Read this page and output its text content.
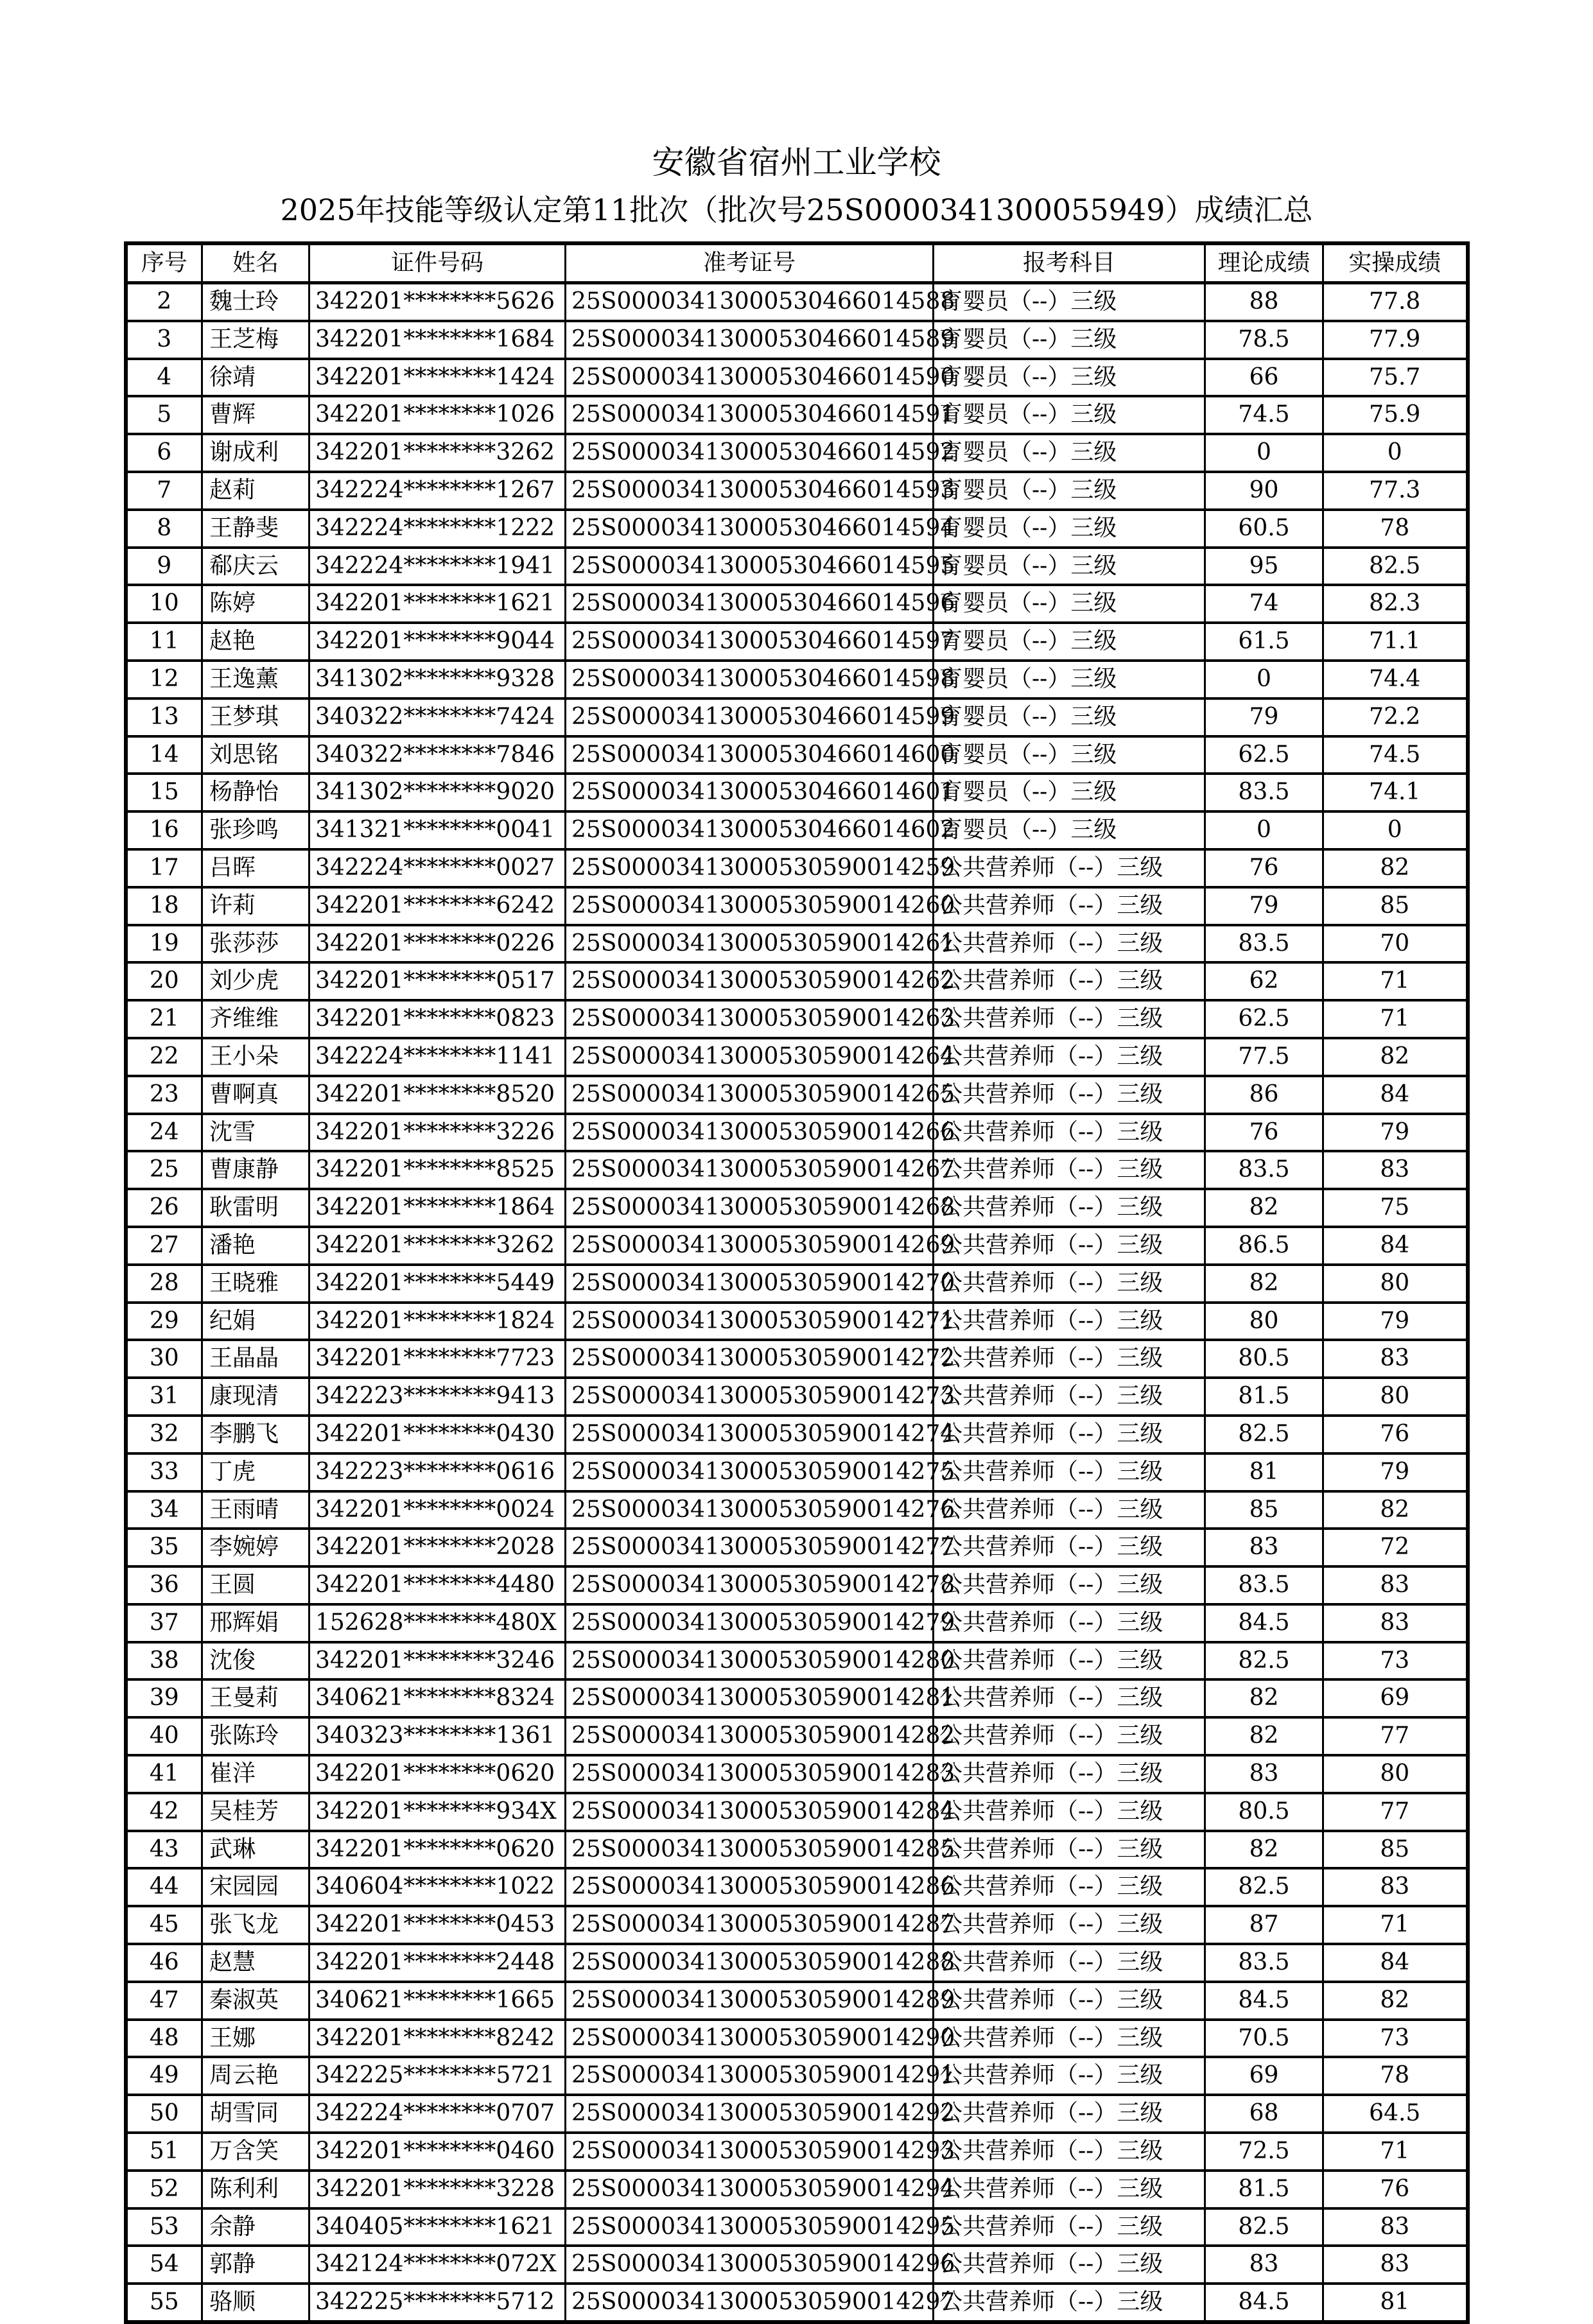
安徽省宿州工业学校
2025年技能等级认定第11批次（批次号25S0000341300055949）成绩汇总
序号	姓名	证件号码	准考证号	报考科目	理论成绩	实操成绩
2	魏士玲	342201********5626	25S00003413000530466014588	育婴员（--）三级	88	77.8
3	王芝梅	342201********1684	25S00003413000530466014589	育婴员（--）三级	78.5	77.9
4	徐靖	342201********1424	25S00003413000530466014590	育婴员（--）三级	66	75.7
5	曹辉	342201********1026	25S00003413000530466014591	育婴员（--）三级	74.5	75.9
6	谢成利	342201********3262	25S00003413000530466014592	育婴员（--）三级	0	0
7	赵莉	342224********1267	25S00003413000530466014593	育婴员（--）三级	90	77.3
8	王静斐	342224********1222	25S00003413000530466014594	育婴员（--）三级	60.5	78
9	郗庆云	342224********1941	25S00003413000530466014595	育婴员（--）三级	95	82.5
10	陈婷	342201********1621	25S00003413000530466014596	育婴员（--）三级	74	82.3
11	赵艳	342201********9044	25S00003413000530466014597	育婴员（--）三级	61.5	71.1
12	王逸薰	341302********9328	25S00003413000530466014598	育婴员（--）三级	0	74.4
13	王梦琪	340322********7424	25S00003413000530466014599	育婴员（--）三级	79	72.2
14	刘思铭	340322********7846	25S00003413000530466014600	育婴员（--）三级	62.5	74.5
15	杨静怡	341302********9020	25S00003413000530466014601	育婴员（--）三级	83.5	74.1
16	张珍鸣	341321********0041	25S00003413000530466014602	育婴员（--）三级	0	0
17	吕晖	342224********0027	25S00003413000530590014259	公共营养师（--）三级	76	82
18	许莉	342201********6242	25S00003413000530590014260	公共营养师（--）三级	79	85
19	张莎莎	342201********0226	25S00003413000530590014261	公共营养师（--）三级	83.5	70
20	刘少虎	342201********0517	25S00003413000530590014262	公共营养师（--）三级	62	71
21	齐维维	342201********0823	25S00003413000530590014263	公共营养师（--）三级	62.5	71
22	王小朵	342224********1141	25S00003413000530590014264	公共营养师（--）三级	77.5	82
23	曹啊真	342201********8520	25S00003413000530590014265	公共营养师（--）三级	86	84
24	沈雪	342201********3226	25S00003413000530590014266	公共营养师（--）三级	76	79
25	曹康静	342201********8525	25S00003413000530590014267	公共营养师（--）三级	83.5	83
26	耿雷明	342201********1864	25S00003413000530590014268	公共营养师（--）三级	82	75
27	潘艳	342201********3262	25S00003413000530590014269	公共营养师（--）三级	86.5	84
28	王晓雅	342201********5449	25S00003413000530590014270	公共营养师（--）三级	82	80
29	纪娟	342201********1824	25S00003413000530590014271	公共营养师（--）三级	80	79
30	王晶晶	342201********7723	25S00003413000530590014272	公共营养师（--）三级	80.5	83
31	康现清	342223********9413	25S00003413000530590014273	公共营养师（--）三级	81.5	80
32	李鹏飞	342201********0430	25S00003413000530590014274	公共营养师（--）三级	82.5	76
33	丁虎	342223********0616	25S00003413000530590014275	公共营养师（--）三级	81	79
34	王雨晴	342201********0024	25S00003413000530590014276	公共营养师（--）三级	85	82
35	李婉婷	342201********2028	25S00003413000530590014277	公共营养师（--）三级	83	72
36	王圆	342201********4480	25S00003413000530590014278	公共营养师（--）三级	83.5	83
37	邢辉娟	152628********480X	25S00003413000530590014279	公共营养师（--）三级	84.5	83
38	沈俊	342201********3246	25S00003413000530590014280	公共营养师（--）三级	82.5	73
39	王曼莉	340621********8324	25S00003413000530590014281	公共营养师（--）三级	82	69
40	张陈玲	340323********1361	25S00003413000530590014282	公共营养师（--）三级	82	77
41	崔洋	342201********0620	25S00003413000530590014283	公共营养师（--）三级	83	80
42	吴桂芳	342201********934X	25S00003413000530590014284	公共营养师（--）三级	80.5	77
43	武琳	342201********0620	25S00003413000530590014285	公共营养师（--）三级	82	85
44	宋园园	340604********1022	25S00003413000530590014286	公共营养师（--）三级	82.5	83
45	张飞龙	342201********0453	25S00003413000530590014287	公共营养师（--）三级	87	71
46	赵慧	342201********2448	25S00003413000530590014288	公共营养师（--）三级	83.5	84
47	秦淑英	340621********1665	25S00003413000530590014289	公共营养师（--）三级	84.5	82
48	王娜	342201********8242	25S00003413000530590014290	公共营养师（--）三级	70.5	73
49	周云艳	342225********5721	25S00003413000530590014291	公共营养师（--）三级	69	78
50	胡雪同	342224********0707	25S00003413000530590014292	公共营养师（--）三级	68	64.5
51	万含笑	342201********0460	25S00003413000530590014293	公共营养师（--）三级	72.5	71
52	陈利利	342201********3228	25S00003413000530590014294	公共营养师（--）三级	81.5	76
53	余静	340405********1621	25S00003413000530590014295	公共营养师（--）三级	82.5	83
54	郭静	342124********072X	25S00003413000530590014296	公共营养师（--）三级	83	83
55	骆顺	342225********5712	25S00003413000530590014297	公共营养师（--）三级	84.5	81
